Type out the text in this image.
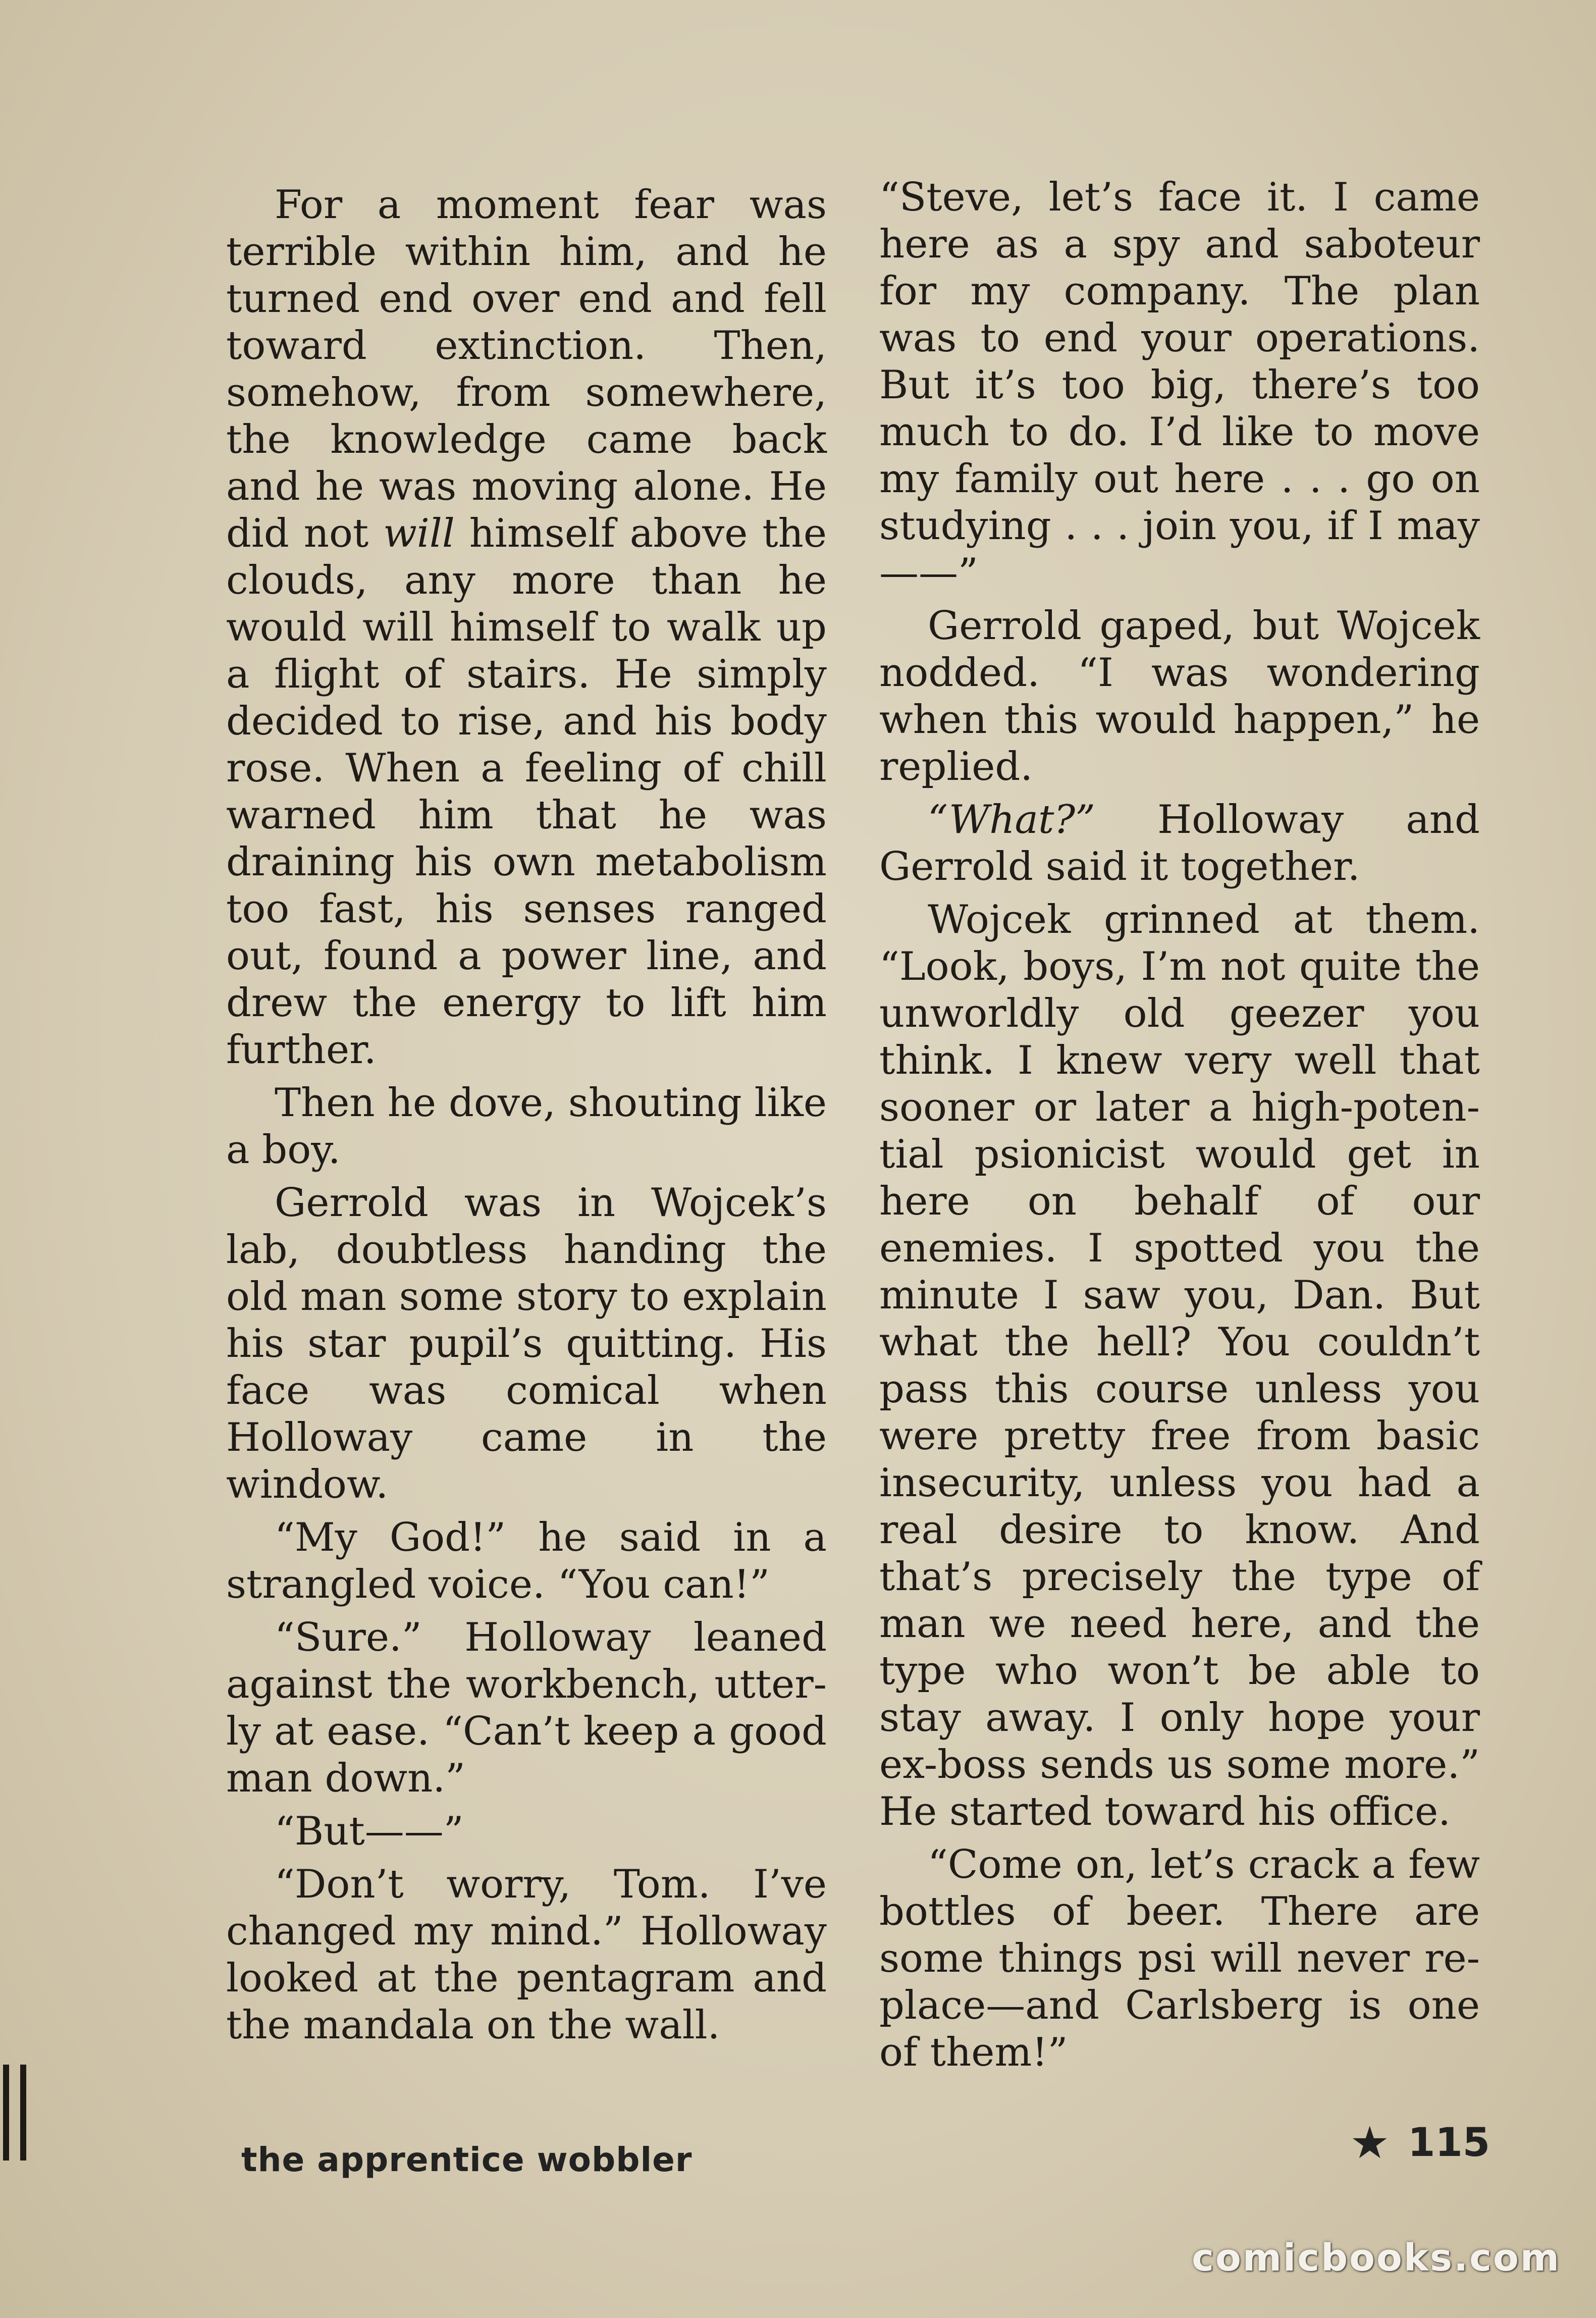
For a moment fear was terrible within him, and he turned end over end and fell toward extinction. Then, somehow, from somewhere, the knowledge came back and he was moving alone. He did not will himself above the clouds, any more than he would will himself to walk up a flight of stairs. He simply decided to rise, and his body rose. When a feeling of chill warned him that he was draining his own metabolism too fast, his senses ranged out, found a power line, and drew the energy to lift him further.

Then he dove, shouting like a boy.

Gerrold was in Wojcek’s lab, doubtless handing the old man some story to explain his star pupil’s quitting. His face was comical when Holloway came in the window.

“My God!” he said in a strangled voice. “You can!”

“Sure.” Holloway leaned against the workbench, utterly at ease. “Can’t keep a good man down.”

“But——”

“Don’t worry, Tom. I’ve changed my mind.” Holloway looked at the pentagram and the mandala on the wall.

“Steve, let’s face it. I came here as a spy and saboteur for my company. The plan was to end your operations. But it’s too big, there’s too much to do. I’d like to move my family out here . . . go on studying . . . join you, if I may——”

Gerrold gaped, but Wojcek nodded. “I was wondering when this would happen,” he replied.

“What?” Holloway and Gerrold said it together.

Wojcek grinned at them. “Look, boys, I’m not quite the unworldly old geezer you think. I knew very well that sooner or later a high-potential psionicist would get in here on behalf of our enemies. I spotted you the minute I saw you, Dan. But what the hell? You couldn’t pass this course unless you were pretty free from basic insecurity, unless you had a real desire to know. And that’s precisely the type of man we need here, and the type who won’t be able to stay away. I only hope your ex-boss sends us some more.” He started toward his office.

“Come on, let’s crack a few bottles of beer. There are some things psi will never replace—and Carlsberg is one of them!”

the apprentice wobbler	★ 115
comicbooks.com
